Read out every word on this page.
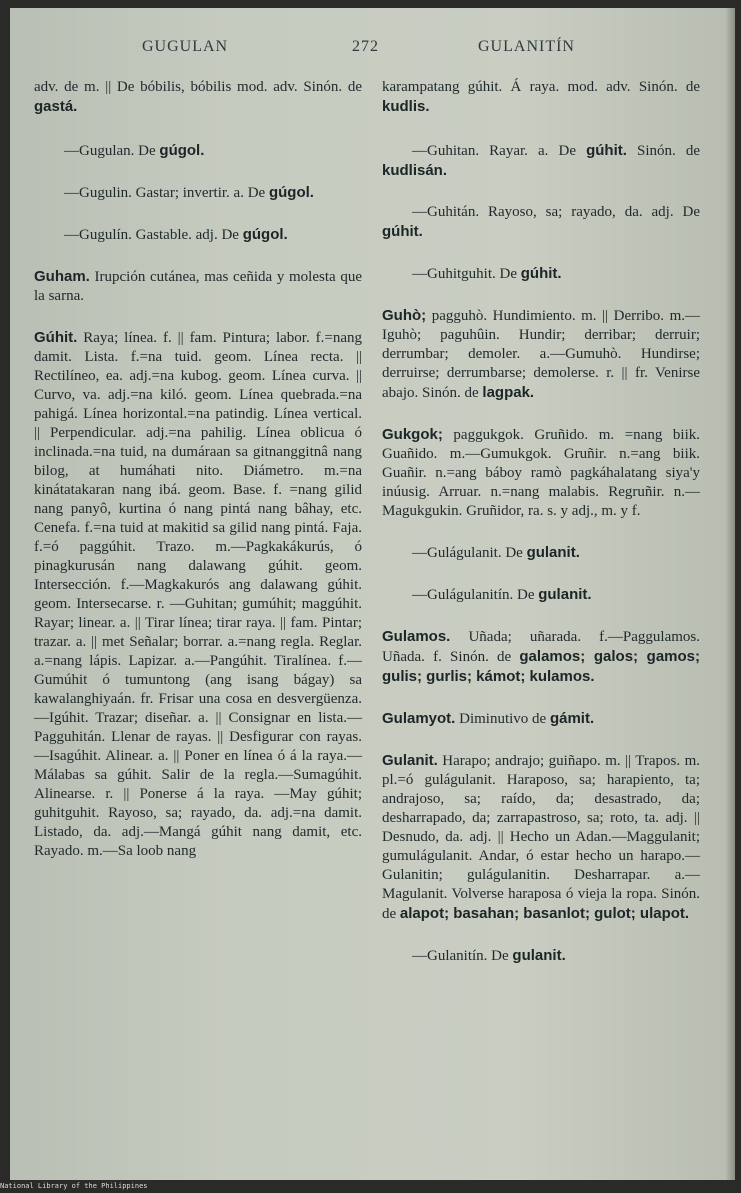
GUGULAN	272	GULANITÍN

adv. de m. || De bóbilis, bóbilis mod. adv. Sinón. de gastá.

—Gugulan. De gúgol.

—Gugulin. Gastar; invertir. a. De gúgol.

—Gugulín. Gastable. adj. De gúgol.

Guham. Irupción cutánea, mas ceñida y molesta que la sarna.

Gúhit. Raya; línea. f. || fam. Pintura; labor. f.=nang damit. Lista. f.=na tuid. geom. Línea recta. || Rectilíneo, ea. adj.=na kubog. geom. Línea curva. || Curvo, va. adj.=na kiló. geom. Línea quebrada.=na pahigá. Línea horizontal.=na patindig. Línea vertical. || Perpendicular. adj.=na pahilig. Línea oblicua ó inclinada.=na tuid, na dumáraan sa gitnanggitnâ nang bilog, at humáhati nito. Diámetro. m.=na kinátatakaran nang ibá. geom. Base. f. =nang gilid nang panyô, kurtina ó nang pintá nang bâhay, etc. Cenefa. f.=na tuid at makitid sa gilid nang pintá. Faja. f.=ó paggúhit. Trazo. m.—Pagkakákurús, ó pinagkurusán nang dalawang gúhit. geom. Intersección. f.—Magkakurós ang dalawang gúhit. geom. Intersecarse. r. —Guhitan; gumúhit; maggúhit. Rayar; linear. a. || Tirar línea; tirar raya. || fam. Pintar; trazar. a. || met Señalar; borrar. a.=nang regla. Reglar. a.=nang lápis. Lapizar. a.—Pangúhit. Tiralínea. f.—Gumúhit ó tumuntong (ang isang bágay) sa kawalanghiyaán. fr. Frisar una cosa en desvergüenza.—Igúhit. Trazar; diseñar. a. || Consignar en lista.—Pagguhitán. Llenar de rayas. || Desfigurar con rayas.—Isagúhit. Alinear. a. || Poner en línea ó á la raya.—Málabas sa gúhit. Salir de la regla.—Sumagúhit. Alinearse. r. || Ponerse á la raya. —May gúhit; guhitguhit. Rayoso, sa; rayado, da. adj.=na damit. Listado, da. adj.—Mangá gúhit nang damit, etc. Rayado. m.—Sa loob nang

karampatang gúhit. Á raya. mod. adv. Sinón. de kudlis.

—Guhitan. Rayar. a. De gúhit. Sinón. de kudlisán.

—Guhitán. Rayoso, sa; rayado, da. adj. De gúhit.

—Guhitguhit. De gúhit.

Guhò; pagguhò. Hundimiento. m. || Derribo. m.—Iguhò; paguhûin. Hundir; derribar; derruir; derrumbar; demoler. a.—Gumuhò. Hundirse; derruirse; derrumbarse; demolerse. r. || fr. Venirse abajo. Sinón. de lagpak.

Gukgok; paggukgok. Gruñido. m. =nang biik. Guañido. m.—Gumukgok. Gruñir. n.=ang biik. Guañir. n.=ang báboy ramò pagkáhalatang siya'y inúusig. Arruar. n.=nang malabis. Regruñir. n.—Magukgukin. Gruñidor, ra. s. y adj., m. y f.

—Gulágulanit. De gulanit.

—Gulágulanitín. De gulanit.

Gulamos. Uñada; uñarada. f.—Paggulamos. Uñada. f. Sinón. de galamos; galos; gamos; gulis; gurlis; kámot; kulamos.

Gulamyot. Diminutivo de gámit.

Gulanit. Harapo; andrajo; guiñapo. m. || Trapos. m. pl.=ó gulágulanit. Haraposo, sa; harapiento, ta; andrajoso, sa; raído, da; desastrado, da; desharrapado, da; zarrapastroso, sa; roto, ta. adj. || Desnudo, da. adj. || Hecho un Adan.—Maggulanit; gumulágulanit. Andar, ó estar hecho un harapo.—Gulanitin; gulágulanitin. Desharrapar. a.—Magulanit. Volverse haraposa ó vieja la ropa. Sinón. de alapot; basahan; basanlot; gulot; ulapot.

—Gulanitín. De gulanit.

National Library of the Philippines
